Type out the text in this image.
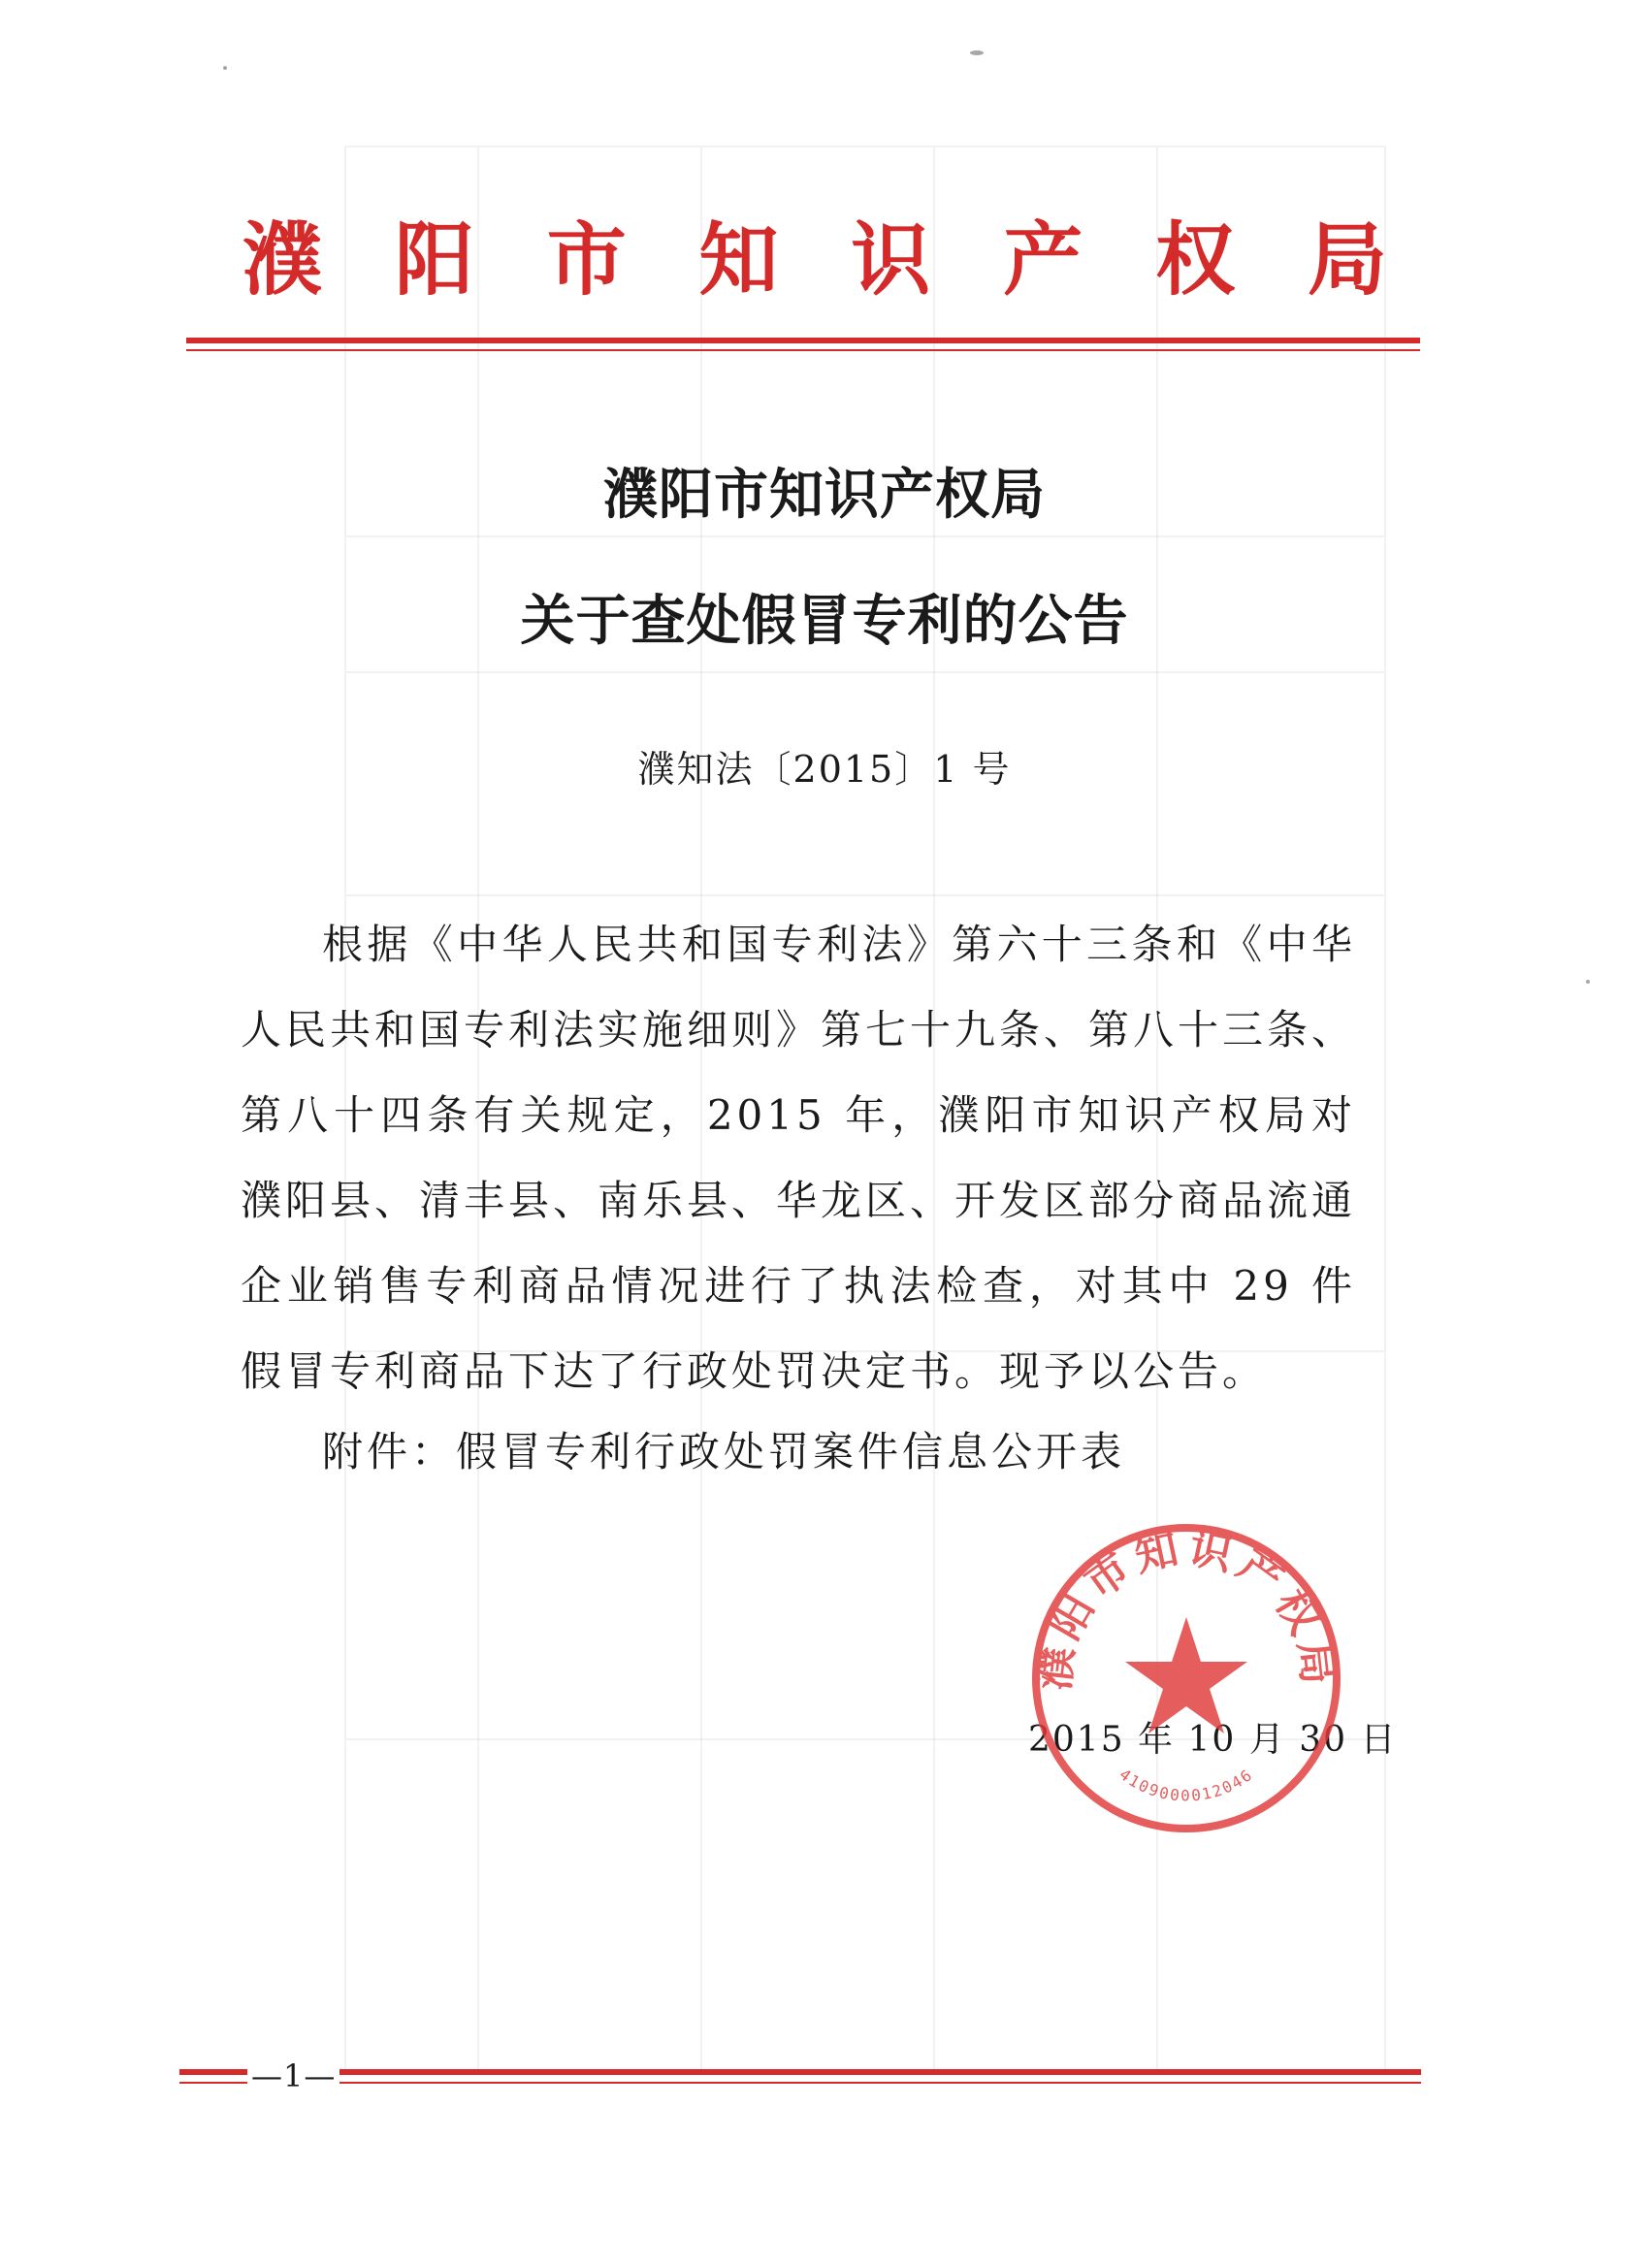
濮 阳 市 知 识 产 权 局
濮阳市知识产权局
关于查处假冒专利的公告
濮知法〔2015〕1 号

根据《中华人民共和国专利法》第六十三条和《中华人民共和国专利法实施细则》第七十九条、第八十三条、第八十四条有关规定，2015 年，濮阳市知识产权局对濮阳县、清丰县、南乐县、华龙区、开发区部分商品流通企业销售专利商品情况进行了执法检查，对其中 29 件假冒专利商品下达了行政处罚决定书。现予以公告。

附件：假冒专利行政处罚案件信息公开表
2015 年 10 月 30 日
濮阳市知识产权局
4109000012046
—1—
